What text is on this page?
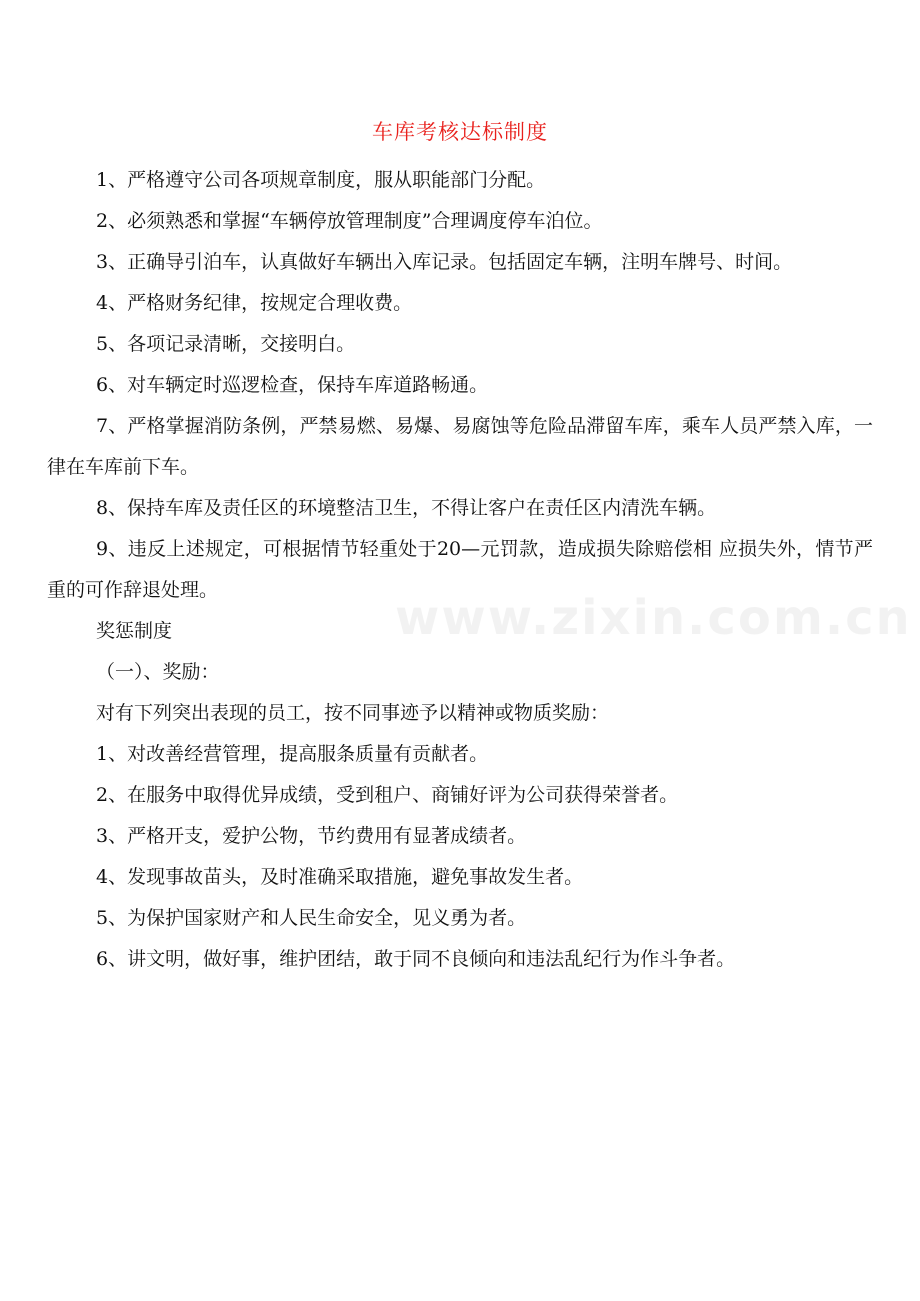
www.zixin.com.cn
车库考核达标制度

1、严格遵守公司各项规章制度，服从职能部门分配。

2、必须熟悉和掌握“车辆停放管理制度”合理调度停车泊位。

3、正确导引泊车，认真做好车辆出入库记录。包括固定车辆，注明车牌号、时间。

4、严格财务纪律，按规定合理收费。

5、各项记录清晰，交接明白。

6、对车辆定时巡逻检查，保持车库道路畅通。

7、严格掌握消防条例，严禁易燃、易爆、易腐蚀等危险品滞留车库，乘车人员严禁入库，一律在车库前下车。

8、保持车库及责任区的环境整洁卫生，不得让客户在责任区内清洗车辆。

9、违反上述规定，可根据情节轻重处于20—元罚款，造成损失除赔偿相 应损失外，情节严重的可作辞退处理。

奖惩制度

（一）、奖励：

对有下列突出表现的员工，按不同事迹予以精神或物质奖励：

1、对改善经营管理，提高服条质量有贡献者。

2、在服务中取得优异成绩，受到租户、商铺好评为公司获得荣誉者。

3、严格开支，爱护公物，节约费用有显著成绩者。

4、发现事故苗头，及时准确采取措施，避免事故发生者。

5、为保护国家财产和人民生命安全，见义勇为者。

6、讲文明，做好事，维护团结，敢于同不良倾向和违法乱纪行为作斗争者。
